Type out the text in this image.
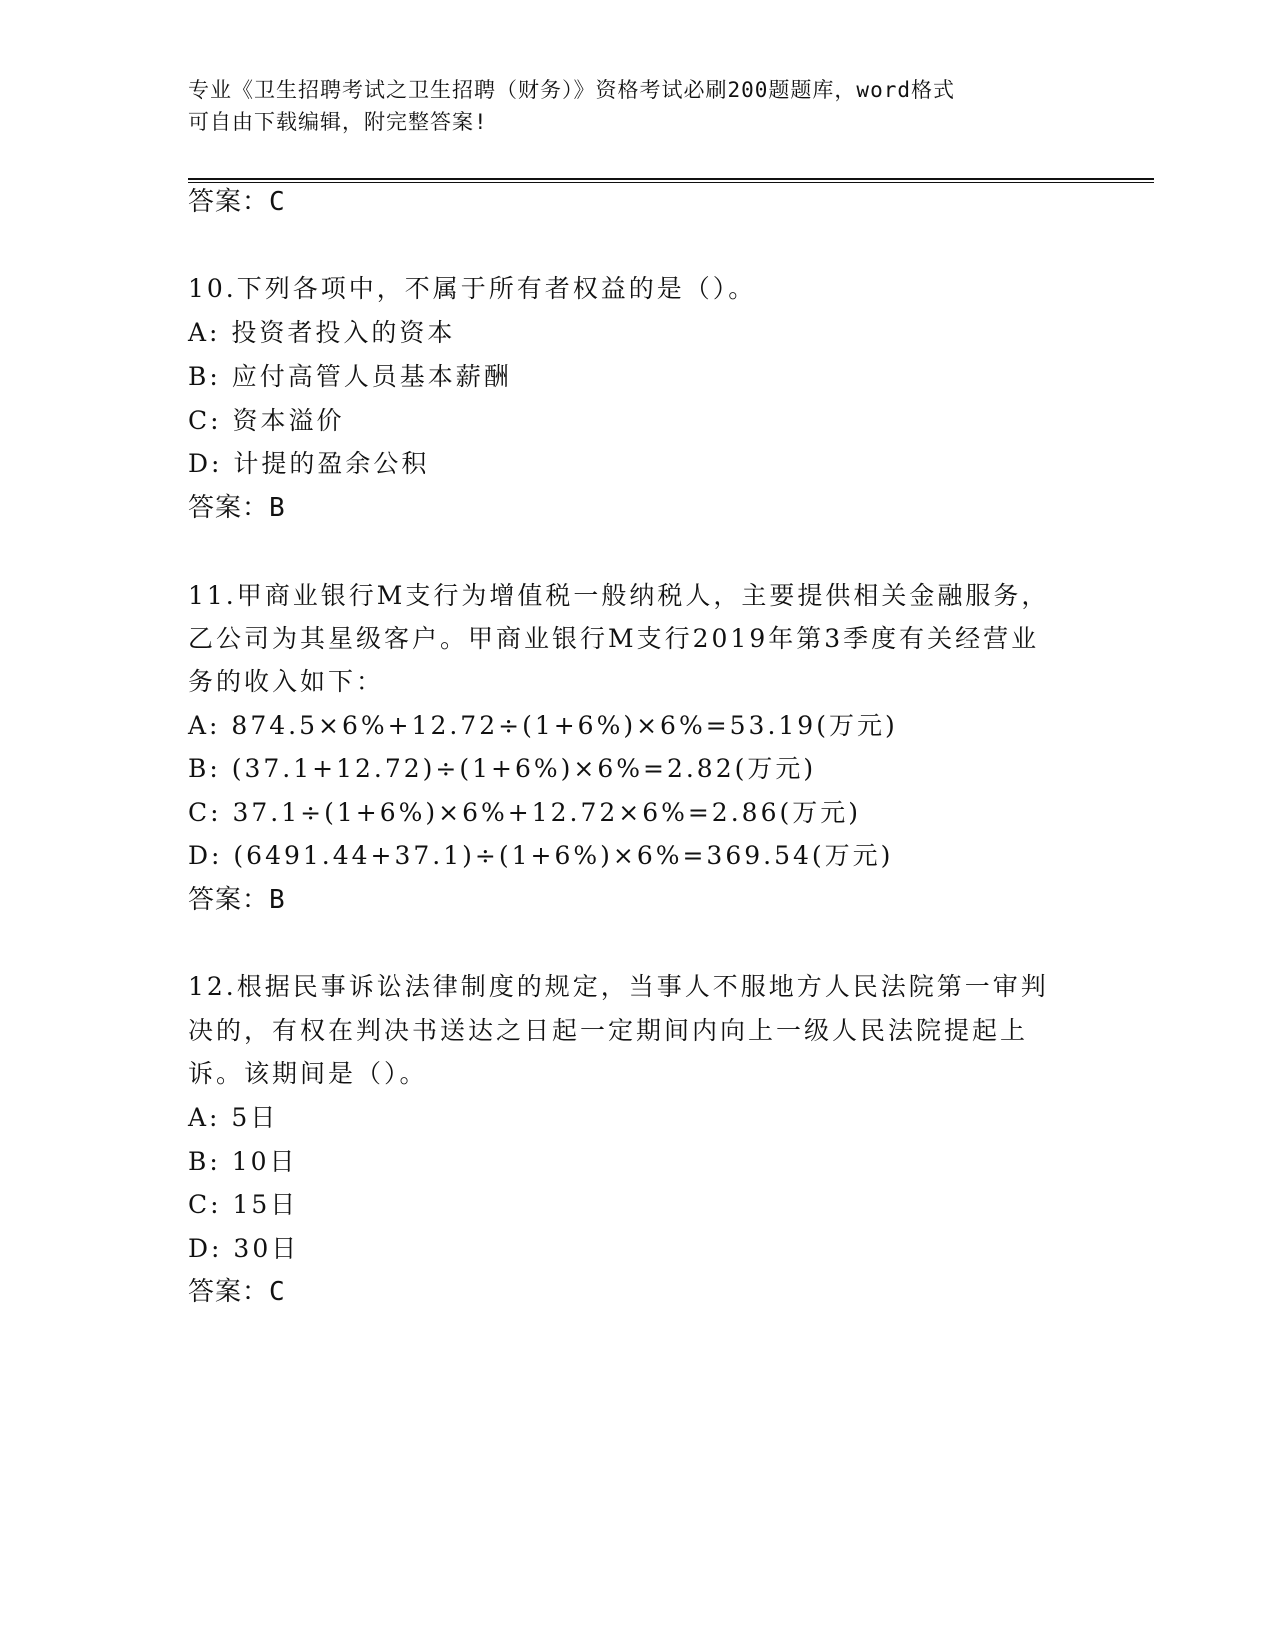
专业《卫生招聘考试之卫生招聘（财务）》资格考试必刷200题题库，word格式
可自由下载编辑，附完整答案!
答案：C
10.下列各项中，不属于所有者权益的是（）。
A: 投资者投入的资本
B: 应付高管人员基本薪酬
C: 资本溢价
D: 计提的盈余公积
答案：B
11.甲商业银行M支行为增值税一般纳税人，主要提供相关金融服务，
乙公司为其星级客户。甲商业银行M支行2019年第3季度有关经营业
务的收入如下：
A: 874.5×6%+12.72÷(1+6%)×6%=53.19(万元)
B: (37.1+12.72)÷(1+6%)×6%=2.82(万元)
C: 37.1÷(1+6%)×6%+12.72×6%=2.86(万元)
D: (6491.44+37.1)÷(1+6%)×6%=369.54(万元)
答案：B
12.根据民事诉讼法律制度的规定，当事人不服地方人民法院第一审判
决的，有权在判决书送达之日起一定期间内向上一级人民法院提起上
诉。该期间是（）。
A: 5日
B: 10日
C: 15日
D: 30日
答案：C
